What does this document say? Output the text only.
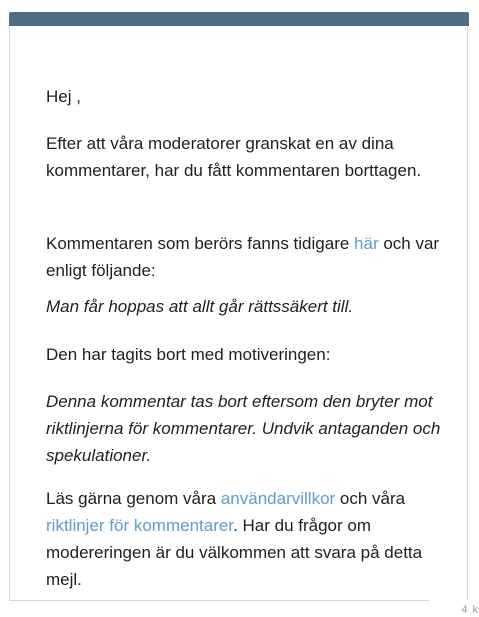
Hej ,

Efter att våra moderatorer granskat en av dina kommentarer, har du fått kommentaren borttagen.

Kommentaren som berörs fanns tidigare här och var enligt följande:

Man får hoppas att allt går rättssäkert till.

Den har tagits bort med motiveringen:

Denna kommentar tas bort eftersom den bryter mot riktlinjerna för kommentarer. Undvik antaganden och spekulationer.

Läs gärna genom våra användarvillkor och våra riktlinjer för kommentarer. Har du frågor om modereringen är du välkommen att svara på detta mejl.

4 k
